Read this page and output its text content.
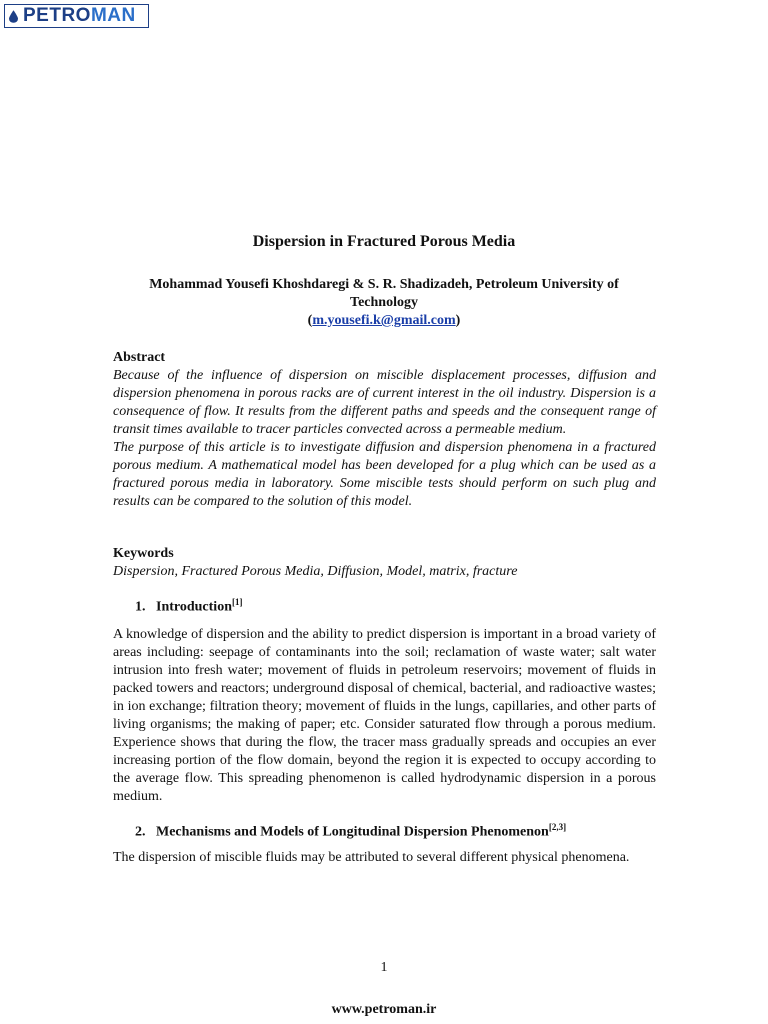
PETRO MAN
Dispersion in Fractured Porous Media
Mohammad Yousefi Khoshdaregi & S. R. Shadizadeh, Petroleum University of
Technology
(m.yousefi.k@gmail.com)
Abstract

Because of the influence of dispersion on miscible displacement processes, diffusion and dispersion phenomena in porous racks are of current interest in the oil industry. Dispersion is a consequence of flow. It results from the different paths and speeds and the consequent range of transit times available to tracer particles convected across a permeable medium.

The purpose of this article is to investigate diffusion and dispersion phenomena in a fractured porous medium. A mathematical model has been developed for a plug which can be used as a fractured porous media in laboratory. Some miscible tests should perform on such plug and results can be compared to the solution of this model.

Keywords
Dispersion, Fractured Porous Media, Diffusion, Model, matrix, fracture
1. Introduction[1]

A knowledge of dispersion and the ability to predict dispersion is important in a broad variety of areas including: seepage of contaminants into the soil; reclamation of waste water; salt water intrusion into fresh water; movement of fluids in petroleum reservoirs; movement of fluids in packed towers and reactors; underground disposal of chemical, bacterial, and radioactive wastes; in ion exchange; filtration theory; movement of fluids in the lungs, capillaries, and other parts of living organisms; the making of paper; etc. Consider saturated flow through a porous medium. Experience shows that during the flow, the tracer mass gradually spreads and occupies an ever increasing portion of the flow domain, beyond the region it is expected to occupy according to the average flow. This spreading phenomenon is called hydrodynamic dispersion in a porous medium.

2. Mechanisms and Models of Longitudinal Dispersion Phenomenon[2,3]

The dispersion of miscible fluids may be attributed to several different physical phenomena.

1
www.petroman.ir
